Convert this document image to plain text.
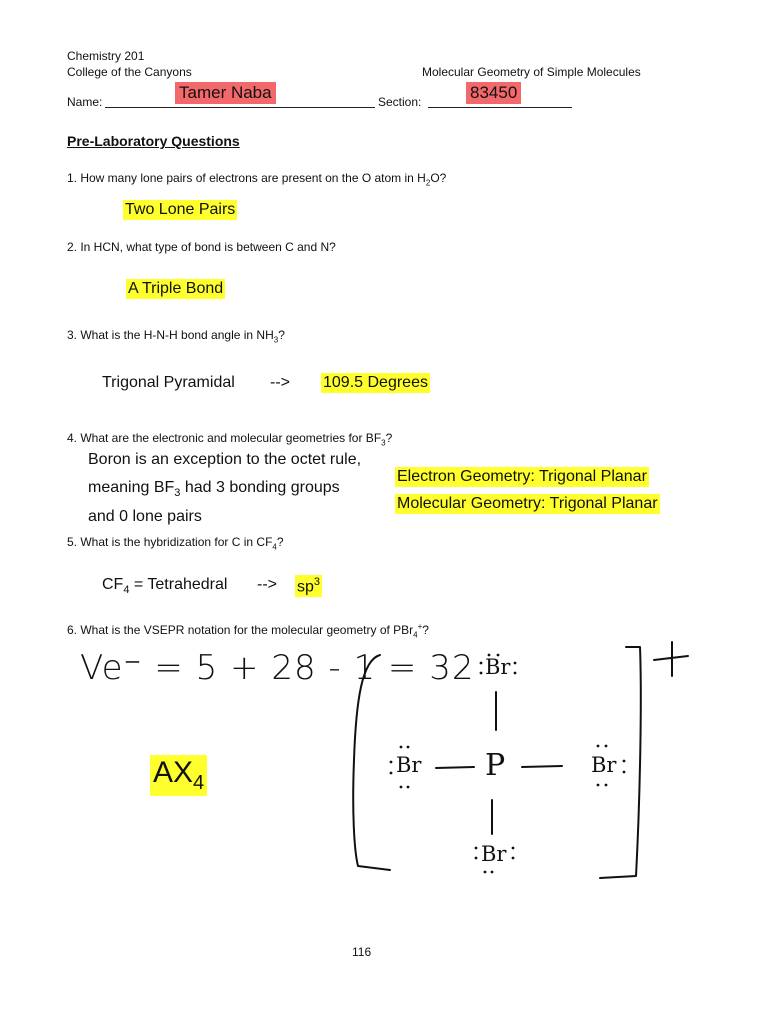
Chemistry 201
College of the Canyons	Molecular Geometry of Simple Molecules
Name:	Tamer Naba	Section:	83450
Pre-Laboratory Questions
1. How many lone pairs of electrons are present on the O atom in $H_2O$?
Two Lone Pairs
2. In HCN, what type of bond is between C and N?
A Triple Bond
3. What is the H-N-H bond angle in $NH_3$?
Trigonal Pyramidal --> 109.5 Degrees
4. What are the electronic and molecular geometries for $BF_3$?
Boron is an exception to the octet rule,
meaning $BF_3$ had 3 bonding groups
and 0 lone pairs
Electron Geometry: Trigonal Planar
Molecular Geometry: Trigonal Planar
5. What is the hybridization for C in $CF_4$?
$CF_4$ = Tetrahedral --> $sp^3$
6. What is the VSEPR notation for the molecular geometry of PBr$_4$+?
Ve⁻ = 5 + 28 - 1 = 32
$AX_4$
Br
Br P	Br
Br
116
